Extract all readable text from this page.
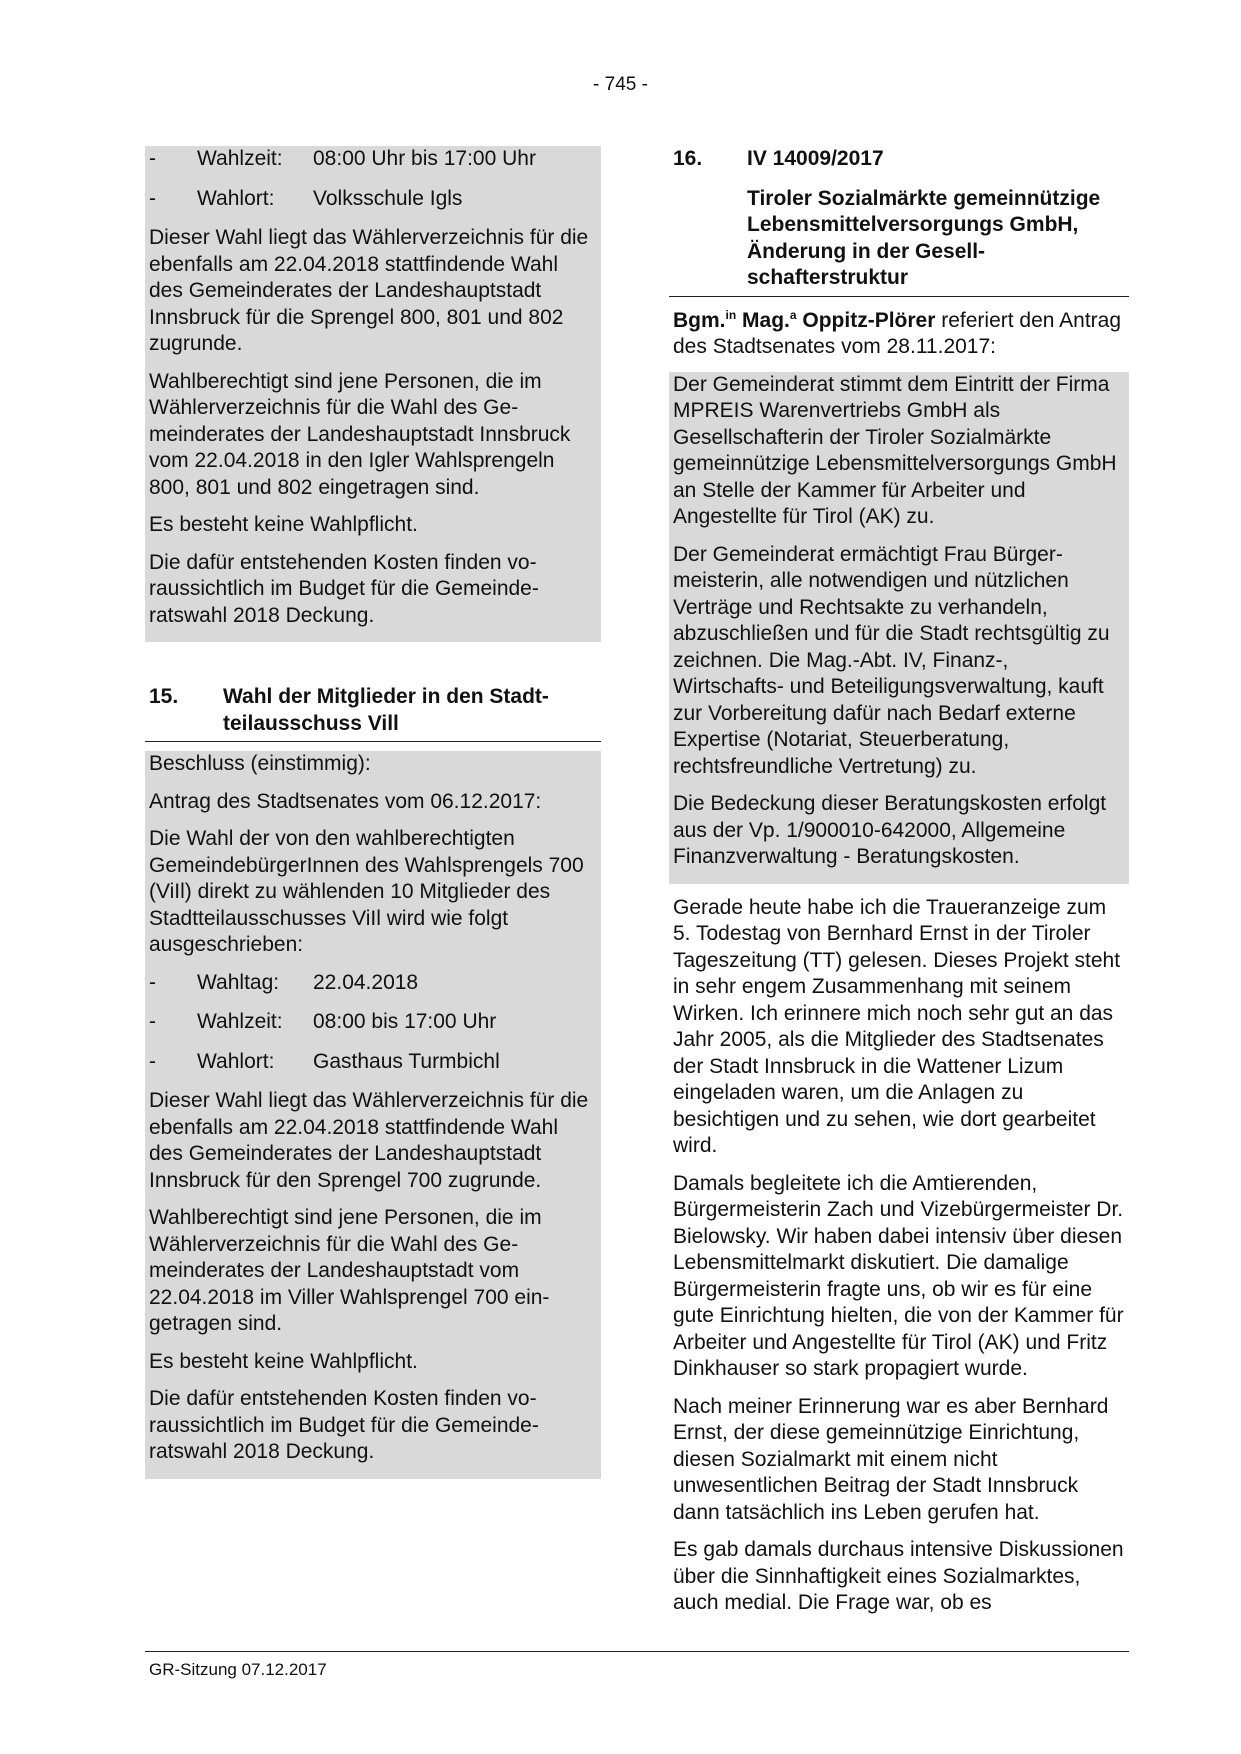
- 745 -
-	Wahlzeit:	08:00 Uhr bis 17:00 Uhr
-	Wahlort:	Volksschule Igls

Dieser Wahl liegt das Wählerverzeichnis für die ebenfalls am 22.04.2018 stattfindende Wahl des Gemeinderates der Landeshauptstadt Innsbruck für die Sprengel 800, 801 und 802 zugrunde.

Wahlberechtigt sind jene Personen, die im Wählerverzeichnis für die Wahl des Gemeinderates der Landeshauptstadt Innsbruck vom 22.04.2018 in den Igler Wahlsprengeln 800, 801 und 802 eingetragen sind.

Es besteht keine Wahlpflicht.

Die dafür entstehenden Kosten finden voraussichtlich im Budget für die Gemeinderatswahl 2018 Deckung.

15.	Wahl der Mitglieder in den Stadtteilausschuss Vill

Beschluss (einstimmig):

Antrag des Stadtsenates vom 06.12.2017:

Die Wahl der von den wahlberechtigten GemeindebürgerInnen des Wahlsprengels 700 (ViIl) direkt zu wählenden 10 Mitglieder des Stadtteilausschusses ViIl wird wie folgt ausgeschrieben:

-	Wahltag:	22.04.2018
-	Wahlzeit:	08:00 bis 17:00 Uhr
-	Wahlort:	Gasthaus Turmbichl

Dieser Wahl liegt das Wählerverzeichnis für die ebenfalls am 22.04.2018 stattfindende Wahl des Gemeinderates der Landeshauptstadt Innsbruck für den Sprengel 700 zugrunde.

Wahlberechtigt sind jene Personen, die im Wählerverzeichnis für die Wahl des Gemeinderates der Landeshauptstadt vom 22.04.2018 im Viller Wahlsprengel 700 eingetragen sind.

Es besteht keine Wahlpflicht.

Die dafür entstehenden Kosten finden voraussichtlich im Budget für die Gemeinderatswahl 2018 Deckung.

16.	IV 14009/2017
Tiroler Sozialmärkte gemeinnützige Lebensmittelversorgungs GmbH, Änderung in der Gesellschafterstruktur

Bgm.$^{in}$ Mag.$^a$ Oppitz-Plörer referiert den Antrag des Stadtsenates vom 28.11.2017:

Der Gemeinderat stimmt dem Eintritt der Firma MPREIS Warenvertriebs GmbH als Gesellschafterin der Tiroler Sozialmärkte gemeinnützige Lebensmittelversorgungs GmbH an Stelle der Kammer für Arbeiter und Angestellte für Tirol (AK) zu.

Der Gemeinderat ermächtigt Frau Bürgermeisterin, alle notwendigen und nützlichen Verträge und Rechtsakte zu verhandeln, abzuschließen und für die Stadt rechtsgültig zu zeichnen. Die Mag.-Abt. IV, Finanz-, Wirtschafts- und Beteiligungsverwaltung, kauft zur Vorbereitung dafür nach Bedarf externe Expertise (Notariat, Steuerberatung, rechtsfreundliche Vertretung) zu.

Die Bedeckung dieser Beratungskosten erfolgt aus der Vp. 1/900010-642000, Allgemeine Finanzverwaltung - Beratungskosten.

Gerade heute habe ich die Traueranzeige zum 5. Todestag von Bernhard Ernst in der Tiroler Tageszeitung (TT) gelesen. Dieses Projekt steht in sehr engem Zusammenhang mit seinem Wirken. Ich erinnere mich noch sehr gut an das Jahr 2005, als die Mitglieder des Stadtsenates der Stadt Innsbruck in die Wattener Lizum eingeladen waren, um die Anlagen zu besichtigen und zu sehen, wie dort gearbeitet wird.

Damals begleitete ich die Amtierenden, Bürgermeisterin Zach und Vizebürgermeister Dr. Bielowsky. Wir haben dabei intensiv über diesen Lebensmittelmarkt diskutiert. Die damalige Bürgermeisterin fragte uns, ob wir es für eine gute Einrichtung hielten, die von der Kammer für Arbeiter und Angestellte für Tirol (AK) und Fritz Dinkhauser so stark propagiert wurde.

Nach meiner Erinnerung war es aber Bernhard Ernst, der diese gemeinnützige Einrichtung, diesen Sozialmarkt mit einem nicht unwesentlichen Beitrag der Stadt Innsbruck dann tatsächlich ins Leben gerufen hat.

Es gab damals durchaus intensive Diskussionen über die Sinnhaftigkeit eines Sozialmarktes, auch medial. Die Frage war, ob es

GR-Sitzung 07.12.2017
